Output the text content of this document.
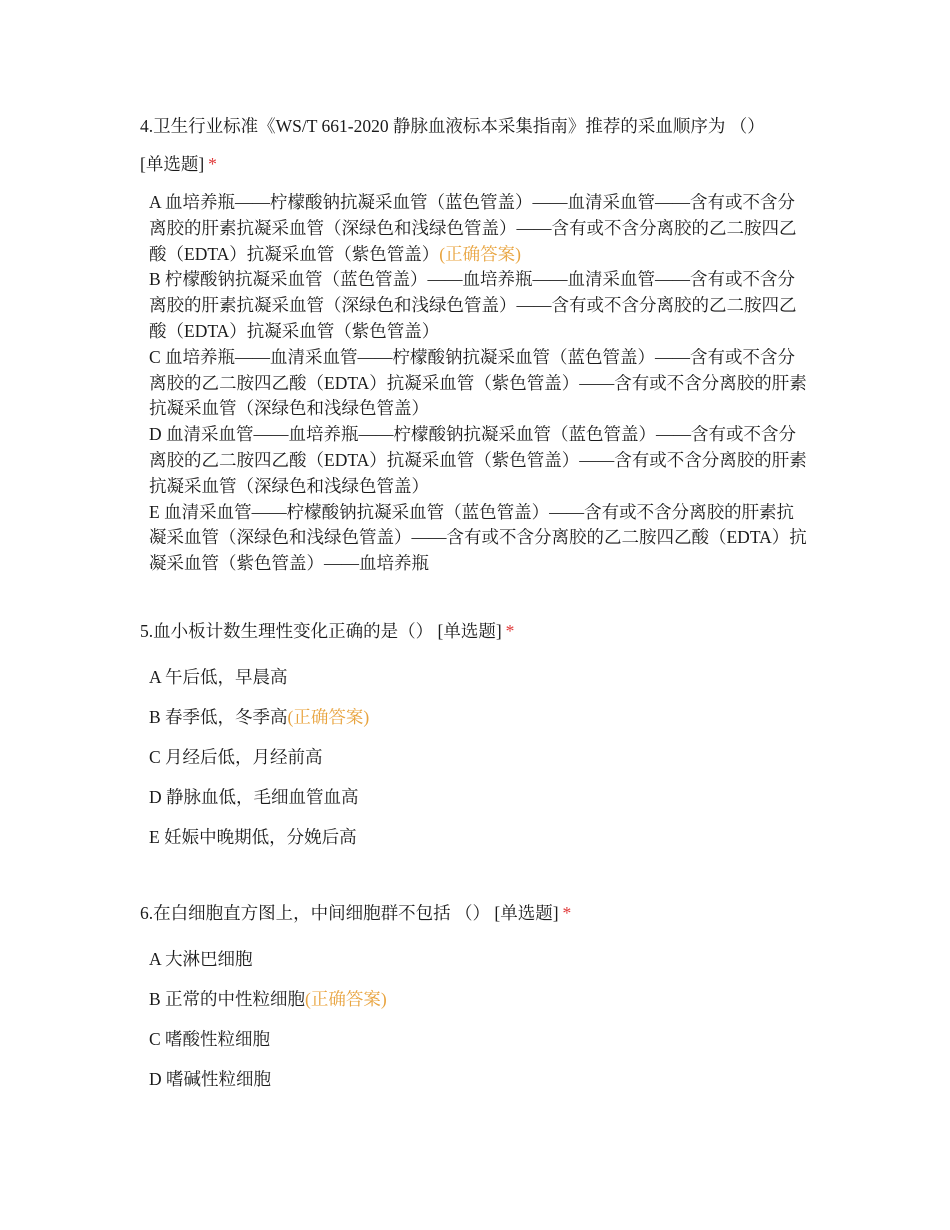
4.卫生行业标准《WS/T 661-2020 静脉血液标本采集指南》推荐的采血顺序为 （）
[单选题] *
A 血培养瓶——柠檬酸钠抗凝采血管（蓝色管盖）——血清采血管——含有或不含分离胶的肝素抗凝采血管（深绿色和浅绿色管盖）——含有或不含分离胶的乙二胺四乙酸（EDTA）抗凝采血管（紫色管盖）(正确答案)
B 柠檬酸钠抗凝采血管（蓝色管盖）——血培养瓶——血清采血管——含有或不含分离胶的肝素抗凝采血管（深绿色和浅绿色管盖）——含有或不含分离胶的乙二胺四乙酸（EDTA）抗凝采血管（紫色管盖）
C 血培养瓶——血清采血管——柠檬酸钠抗凝采血管（蓝色管盖）——含有或不含分离胶的乙二胺四乙酸（EDTA）抗凝采血管（紫色管盖）——含有或不含分离胶的肝素抗凝采血管（深绿色和浅绿色管盖）
D 血清采血管——血培养瓶——柠檬酸钠抗凝采血管（蓝色管盖）——含有或不含分离胶的乙二胺四乙酸（EDTA）抗凝采血管（紫色管盖）——含有或不含分离胶的肝素抗凝采血管（深绿色和浅绿色管盖）
E 血清采血管——柠檬酸钠抗凝采血管（蓝色管盖）——含有或不含分离胶的肝素抗凝采血管（深绿色和浅绿色管盖）——含有或不含分离胶的乙二胺四乙酸（EDTA）抗凝采血管（紫色管盖）——血培养瓶
5.血小板计数生理性变化正确的是（） [单选题] *
A 午后低，早晨高
B 春季低，冬季高(正确答案)
C 月经后低，月经前高
D 静脉血低，毛细血管血高
E 妊娠中晚期低，分娩后高
6.在白细胞直方图上，中间细胞群不包括 （） [单选题] *
A 大淋巴细胞
B 正常的中性粒细胞(正确答案)
C 嗜酸性粒细胞
D 嗜碱性粒细胞
